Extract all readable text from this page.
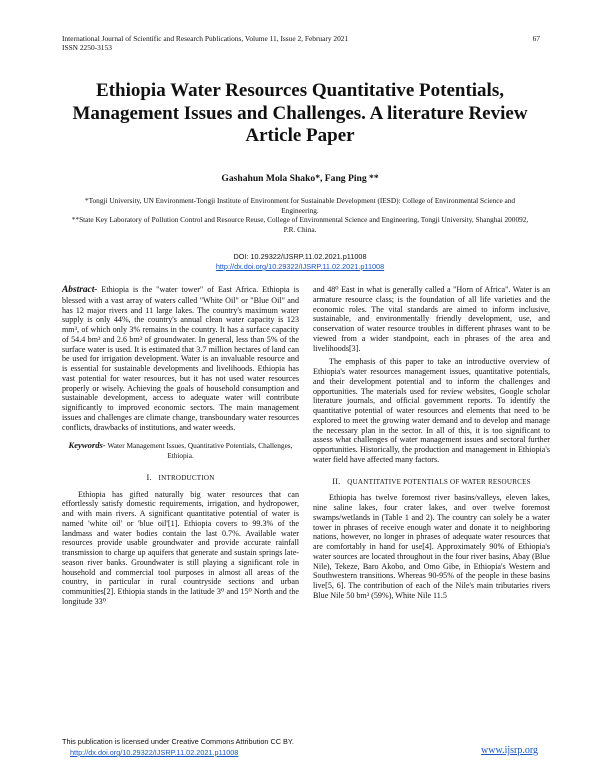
International Journal of Scientific and Research Publications, Volume 11, Issue 2, February 2021
ISSN 2250-3153
67
Ethiopia Water Resources Quantitative Potentials, Management Issues and Challenges. A literature Review Article Paper
Gashahun Mola Shako*, Fang Ping **
*Tongji University, UN Environment-Tongji Institute of Environment for Sustainable Development (IESD): College of Environmental Science and Engineering.
**State Key Laboratory of Pollution Control and Resource Reuse, College of Environmental Science and Engineering, Tongji University, Shanghai 200092, P.R. China.
DOI: 10.29322/IJSRP.11.02.2021.p11008
http://dx.doi.org/10.29322/IJSRP.11.02.2021.p11008

Abstract- Ethiopia is the "water tower" of East Africa. Ethiopia is blessed with a vast array of waters called "White Oil" or "Blue Oil" and has 12 major rivers and 11 large lakes. The country's maximum water supply is only 44%, the country's annual clean water capacity is 123 mm³, of which only 3% remains in the country. It has a surface capacity of 54.4 bm³ and 2.6 bm³ of groundwater. In general, less than 5% of the surface water is used. It is estimated that 3.7 million hectares of land can be used for irrigation development. Water is an invaluable resource and is essential for sustainable developments and livelihoods. Ethiopia has vast potential for water resources, but it has not used water resources properly or wisely. Achieving the goals of household consumption and sustainable development, access to adequate water will contribute significantly to improved economic sectors. The main management issues and challenges are climate change, transboundary water resources conflicts, drawbacks of institutions, and water weeds.

Keywords- Water Management Issues, Quantitative Potentials, Challenges, Ethiopia.

I. INTRODUCTION

Ethiopia has gifted naturally big water resources that can effortlessly satisfy domestic requirements, irrigation, and hydropower, and with main rivers. A significant quantitative potential of water is named 'white oil' or 'blue oil'[1]. Ethiopia covers to 99.3% of the landmass and water bodies contain the last 0.7%. Available water resources provide usable groundwater and provide accurate rainfall transmission to charge up aquifers that generate and sustain springs late-season river banks. Groundwater is still playing a significant role in household and commercial tool purposes in almost all areas of the country, in particular in rural countryside sections and urban communities[2]. Ethiopia stands in the latitude 3⁰ and 15⁰ North and the longitude 33⁰

and 48⁰ East in what is generally called a "Horn of Africa". Water is an armature resource class; is the foundation of all life varieties and the economic roles. The vital standards are aimed to inform inclusive, sustainable, and environmentally friendly development, use, and conservation of water resource troubles in different phrases want to be viewed from a wider standpoint, each in phrases of the area and livelihoods[3].

The emphasis of this paper to take an introductive overview of Ethiopia's water resources management issues, quantitative potentials, and their development potential and to inform the challenges and opportunities. The materials used for review websites, Google scholar literature journals, and official government reports. To identify the quantitative potential of water resources and elements that need to be explored to meet the growing water demand and to develop and manage the necessary plan in the sector. In all of this, it is too significant to assess what challenges of water management issues and sectoral further opportunities. Historically, the production and management in Ethiopia's water field have affected many factors.

II. QUANTITATIVE POTENTIALS OF WATER RESOURCES

Ethiopia has twelve foremost river basins/valleys, eleven lakes, nine saline lakes, four crater lakes, and over twelve foremost swamps/wetlands in (Table 1 and 2). The country can solely be a water tower in phrases of receive enough water and donate it to neighboring nations, however, no longer in phrases of adequate water resources that are comfortably in hand for use[4]. Approximately 90% of Ethiopia's water sources are located throughout in the four river basins, Abay (Blue Nile), Tekeze, Baro Akobo, and Omo Gibe, in Ethiopia's Western and Southwestern transitions. Whereas 90-95% of the people in these basins live[5, 6]. The contribution of each of the Nile's main tributaries rivers Blue Nile 50 bm³ (59%), White Nile 11.5

This publication is licensed under Creative Commons Attribution CC BY.
http://dx.doi.org/10.29322/IJSRP.11.02.2021.p11008	www.ijsrp.org
